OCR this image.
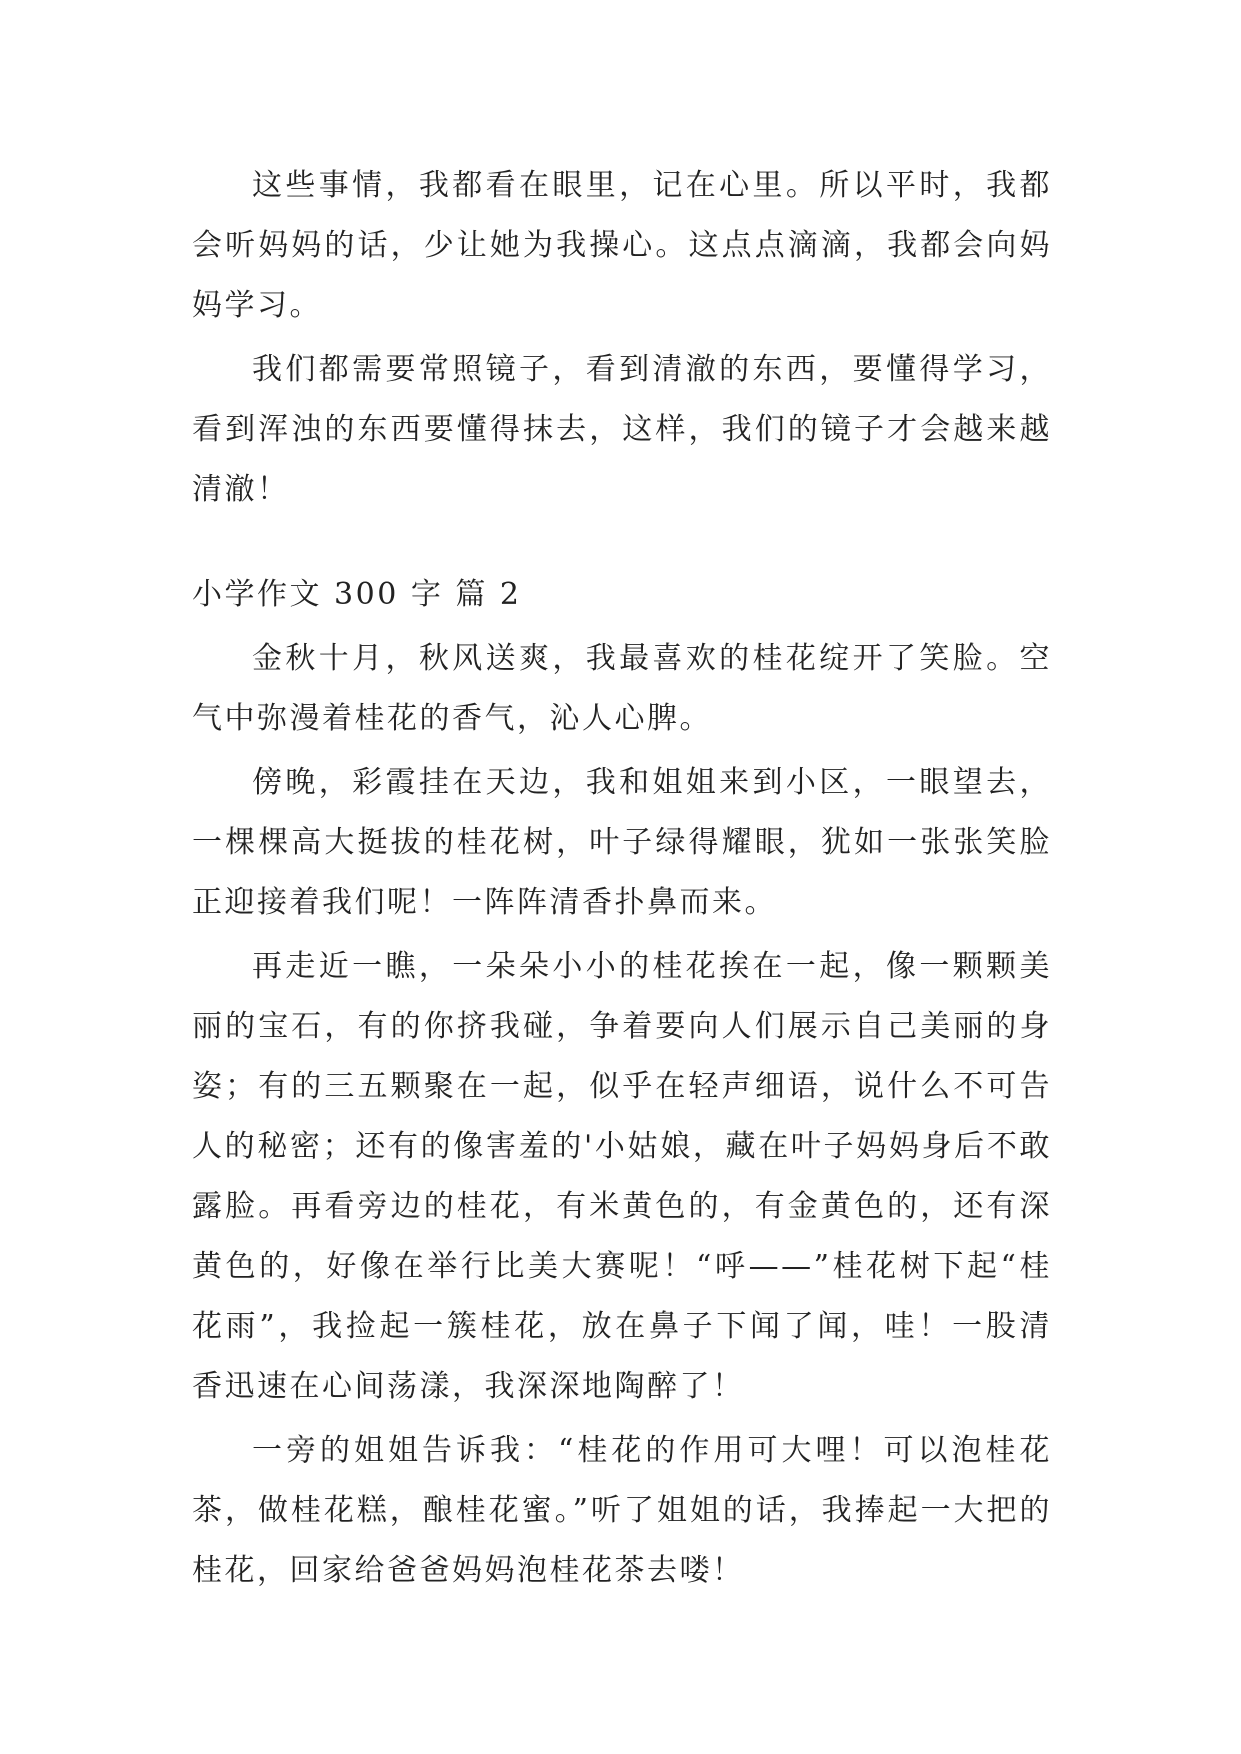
这些事情，我都看在眼里，记在心里。所以平时，我都会听妈妈的话，少让她为我操心。这点点滴滴，我都会向妈妈学习。

我们都需要常照镜子，看到清澈的东西，要懂得学习，看到浑浊的东西要懂得抹去，这样，我们的镜子才会越来越清澈！

小学作文 300 字 篇 2

金秋十月，秋风送爽，我最喜欢的桂花绽开了笑脸。空气中弥漫着桂花的香气，沁人心脾。

傍晚，彩霞挂在天边，我和姐姐来到小区，一眼望去，一棵棵高大挺拔的桂花树，叶子绿得耀眼，犹如一张张笑脸正迎接着我们呢！一阵阵清香扑鼻而来。

再走近一瞧，一朵朵小小的桂花挨在一起，像一颗颗美丽的宝石，有的你挤我碰，争着要向人们展示自己美丽的身姿；有的三五颗聚在一起，似乎在轻声细语，说什么不可告人的秘密；还有的像害羞的'小姑娘，藏在叶子妈妈身后不敢露脸。再看旁边的桂花，有米黄色的，有金黄色的，还有深黄色的，好像在举行比美大赛呢！“呼——”桂花树下起“桂花雨”，我捡起一簇桂花，放在鼻子下闻了闻，哇！一股清香迅速在心间荡漾，我深深地陶醉了！

一旁的姐姐告诉我：“桂花的作用可大哩！可以泡桂花茶，做桂花糕，酿桂花蜜。”听了姐姐的话，我捧起一大把的桂花，回家给爸爸妈妈泡桂花茶去喽！
